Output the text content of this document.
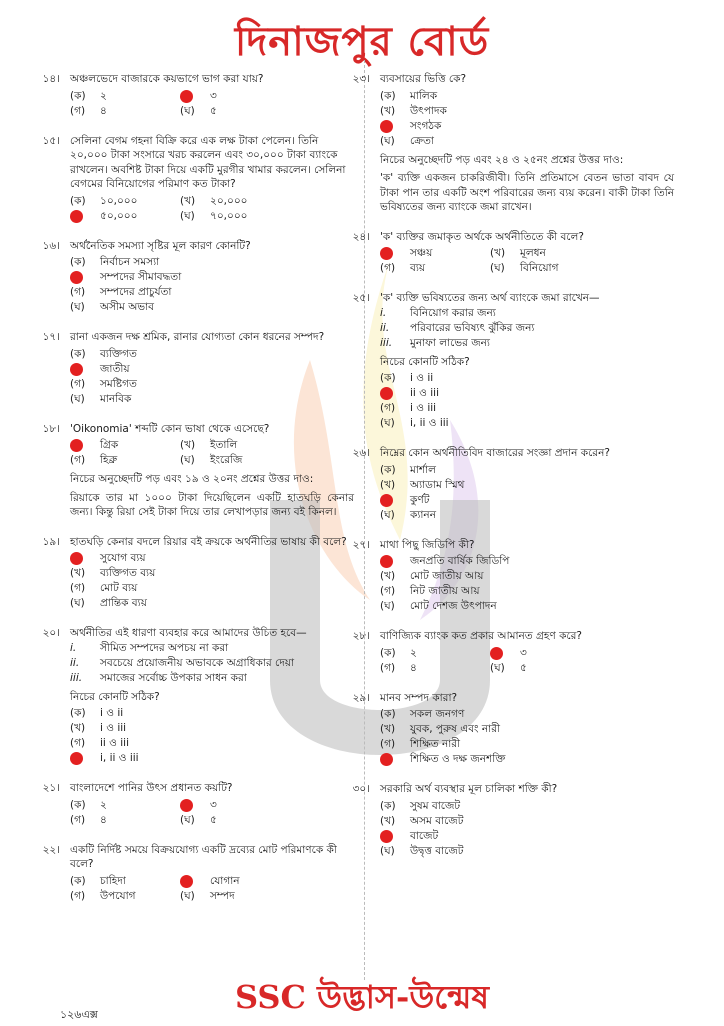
দিনাজপুর বোর্ড
১৪। অঞ্চলভেদে বাজারকে কয়ভাগে ভাগ করা যায়?
(ক)	২	৩
(গ)	৪	(ঘ)	৫
১৫। সেলিনা বেগম গহনা বিক্রি করে এক লক্ষ টাকা পেলেন। তিনি ২০,০০০ টাকা সংসারে খরচ করলেন এবং ৩০,০০০ টাকা ব্যাংকে রাখলেন। অবশিষ্ট টাকা দিয়ে একটি মুরগীর খামার করলেন। সেলিনা বেগমের বিনিয়োগের পরিমাণ কত টাকা?
(ক)	১০,০০০	(খ)	২০,০০০
৫০,০০০	(ঘ)	৭০,০০০
১৬। অর্থনৈতিক সমস্যা সৃষ্টির মূল কারণ কোনটি?
(ক)	নির্বাচন সমস্যা
সম্পদের সীমাবদ্ধতা
(গ)	সম্পদের প্রাচুর্যতা
(ঘ)	অসীম অভাব
১৭। রানা একজন দক্ষ শ্রমিক, রানার যোগ্যতা কোন ধরনের সম্পদ?
(ক)	ব্যক্তিগত
জাতীয়
(গ)	সমষ্টিগত
(ঘ)	মানবিক
১৮। 'Oikonomia' শব্দটি কোন ভাষা থেকে এসেছে?
গ্রিক	(খ)	ইতালি
(গ)	হিব্রু	(ঘ)	ইংরেজি
নিচের অনুচ্ছেদটি পড় এবং ১৯ ও ২০নং প্রশ্নের উত্তর দাও:
রিয়াকে তার মা ১০০০ টাকা দিয়েছিলেন একটি হাতঘড়ি কেনার জন্য। কিন্তু রিয়া সেই টাকা দিয়ে তার লেখাপড়ার জন্য বই কিনল।
১৯। হাতঘড়ি কেনার বদলে রিয়ার বই ক্রয়কে অর্থনীতির ভাষায় কী বলে?
সুযোগ ব্যয়
(খ)	ব্যক্তিগত ব্যয়
(গ)	মোট ব্যয়
(ঘ)	প্রান্তিক ব্যয়
২০। অর্থনীতির এই ধারণা ব্যবহার করে আমাদের উচিত হবে—
i.	সীমিত সম্পদের অপচয় না করা
ii.	সবচেয়ে প্রয়োজনীয় অভাবকে অগ্রাধিকার দেয়া
iii.	সমাজের সর্বোচ্চ উপকার সাধন করা
নিচের কোনটি সঠিক?
(ক)	i ও ii
(খ)	i ও iii
(গ)	ii ও iii
i, ii ও iii
২১। বাংলাদেশে পানির উৎস প্রধানত কয়টি?
(ক)	২	৩
(গ)	৪	(ঘ)	৫
২২। একটি নির্দিষ্ট সময়ে বিক্রয়যোগ্য একটি দ্রব্যের মোট পরিমাণকে কী বলে?
(ক)	চাহিদা	যোগান
(গ)	উপযোগ	(ঘ)	সম্পদ
২৩। ব্যবসায়ের ভিত্তি কে?
(ক)	মালিক
(খ)	উৎপাদক
সংগঠক
(ঘ)	ক্রেতা
নিচের অনুচ্ছেদটি পড় এবং ২৪ ও ২৫নং প্রশ্নের উত্তর দাও:
'ক' ব্যক্তি একজন চাকরিজীবী। তিনি প্রতিমাসে বেতন ভাতা বাবদ যে টাকা পান তার একটি অংশ পরিবারের জন্য ব্যয় করেন। বাকী টাকা তিনি ভবিষ্যতের জন্য ব্যাংকে জমা রাখেন।
২৪। 'ক' ব্যক্তির জমাকৃত অর্থকে অর্থনীতিতে কী বলে?
সঞ্চয়	(খ)	মূলধন
(গ)	ব্যয়	(ঘ)	বিনিয়োগ
২৫। 'ক' ব্যক্তি ভবিষ্যতের জন্য অর্থ ব্যাংকে জমা রাখেন—
i.	বিনিয়োগ করার জন্য
ii.	পরিবারের ভবিষ্যৎ ঝুঁকির জন্য
iii.	মুনাফা লাভের জন্য
নিচের কোনটি সঠিক?
(ক)	i ও ii
ii ও iii
(গ)	i ও iii
(ঘ)	i, ii ও iii
২৬। নিম্নের কোন অর্থনীতিবিদ বাজারের সংজ্ঞা প্রদান করেন?
(ক)	মার্শাল
(খ)	অ্যাডাম স্মিথ
কুর্ণট
(ঘ)	ক্যানন
২৭। মাথা পিছু জিডিপি কী?
জনপ্রতি বার্ষিক জিডিপি
(খ)	মোট জাতীয় আয়
(গ)	নিট জাতীয় আয়
(ঘ)	মোট দেশজ উৎপাদন
২৮। বাণিজ্যিক ব্যাংক কত প্রকার আমানত গ্রহণ করে?
(ক)	২	৩
(গ)	৪	(ঘ)	৫
২৯। মানব সম্পদ কারা?
(ক)	সকল জনগণ
(খ)	যুবক, পুরুষ এবং নারী
(গ)	শিক্ষিত নারী
শিক্ষিত ও দক্ষ জনশক্তি
৩০। সরকারি অর্থ ব্যবস্থার মূল চালিকা শক্তি কী?
(ক)	সুষম বাজেট
(খ)	অসম বাজেট
বাজেট
(ঘ)	উদ্বৃত্ত বাজেট
SSC উদ্ভাস-উন্মেষ
১২৬এক্স
